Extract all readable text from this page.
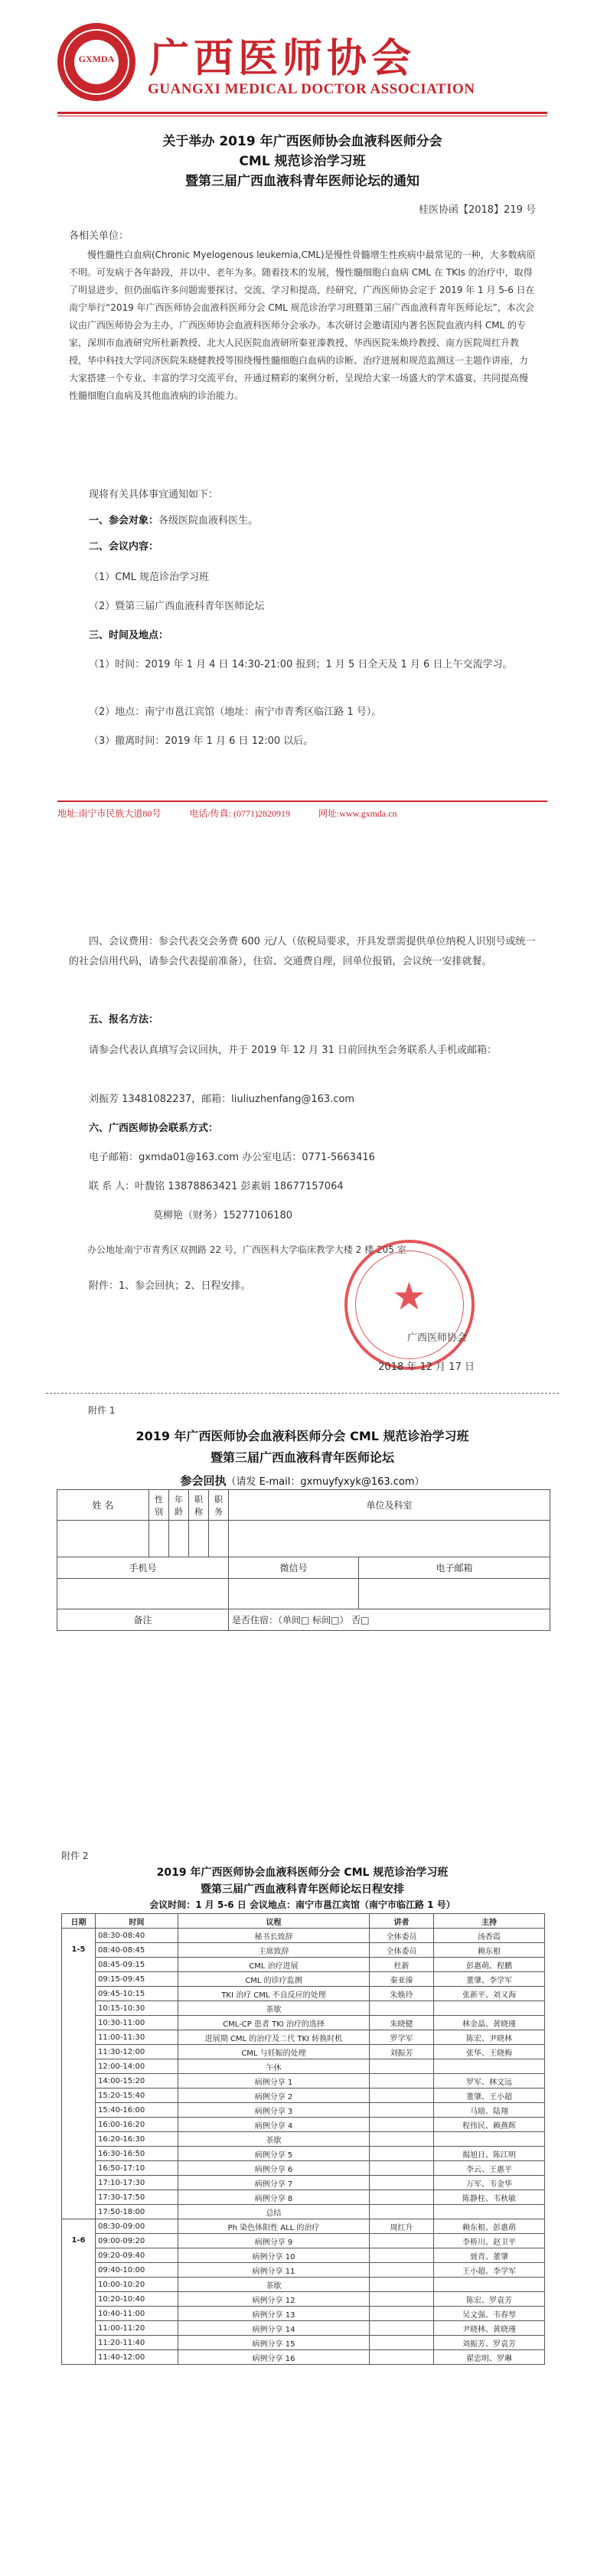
GXMDA 广西医师协会
GUANGXI MEDICAL DOCTOR ASSOCIATION
关于举办 2019 年广西医师协会血液科医师分会
CML 规范诊治学习班
暨第三届广西血液科青年医师论坛的通知
桂医协函【2018】219 号
各相关单位：
慢性髓性白血病(Chronic Myelogenous leukemia,CML)是慢性骨髓增生性疾病中最常见的一种，大多数病原不明。可发病于各年龄段，并以中、老年为多。随着技术的发展，慢性髓细胞白血病 CML 在 TKIs 的治疗中，取得了明显进步，但仍面临许多问题需要探讨、交流、学习和提高，经研究，广西医师协会定于 2019 年 1 月 5-6 日在南宁举行“2019 年广西医师协会血液科医师分会 CML 规范诊治学习班暨第三届广西血液科青年医师论坛”，本次会议由广西医师协会为主办，广西医师协会血液科医师分会承办。本次研讨会邀请国内著名医院血液内科 CML 的专家，深圳市血液研究所杜新教授、北大人民医院血液研所秦亚溱教授、华西医院朱焕玲教授、南方医院周红升教授，华中科技大学同济医院朱晓健教授等围绕慢性髓细胞白血病的诊断、治疗进展和规范监测这一主题作讲座，力大家搭建一个专业、丰富的学习交流平台，开通过精彩的案例分析，呈现给大家一场盛大的学术盛宴，共同提高慢性髓细胞白血病及其他血液病的诊治能力。
现将有关具体事宜通知如下：
一、参会对象：各级医院血液科医生。
二、会议内容：
（1）CML 规范诊治学习班
（2）暨第三届广西血液科青年医师论坛
三、时间及地点：
（1）时间：2019 年 1 月 4 日 14:30-21:00 报到；1 月 5 日全天及 1 月 6 日上午交流学习。
（2）地点：南宁市邕江宾馆（地址：南宁市青秀区临江路 1 号）。
（3）撤离时间：2019 年 1 月 6 日 12:00 以后。
地址:南宁市民族大道80号	电话/传真: (0771)2820919	网址:www.gxmda.cn
四、会议费用：参会代表交会务费 600 元/人（依税局要求，开具发票需提供单位纳税人识别号或统一的社会信用代码，请参会代表提前准备），住宿、交通费自理，回单位报销，会议统一安排就餐。
五、报名方法：
请参会代表认真填写会议回执，并于 2019 年 12 月 31 日前回执至会务联系人手机或邮箱：
刘振芳 13481082237，邮箱：liuliuzhenfang@163.com
六、广西医师协会联系方式：
电子邮箱：gxmda01@163.com 办公室电话：0771-5663416
联 系 人：叶馥铭 13878863421 彭素娟 18677157064
莫柳艳（财务）15277106180
办公地址南宁市青秀区双拥路 22 号，广西医科大学临床教学大楼 2 楼 205 室
附件：1、参会回执；2、日程安排。	★
广西医师协会
2018 年 12 月 17 日
附件 1
2019 年广西医师协会血液科医师分会 CML 规范诊治学习班
暨第三届广西血液科青年医师论坛
参会回执（请发 E-mail：gxmuyfyxyk@163.com）
姓 名	性别	年龄	职称	职务	单位及科室	

手机号					微信号	电子邮箱

备注					是否住宿：（单间□ 标间□） 否□	
附件 2
2019 年广西医师协会血液科医师分会 CML 规范诊治学习班
暨第三届广西血液科青年医师论坛日程安排
会议时间：1 月 5-6 日 会议地点：南宁市邕江宾馆（南宁市临江路 1 号）
日期	时间	议程	讲者	主持
1-5	08:30-08:40	秘书长致辞	全体委员	汤香霞
	08:40-08:45	主席致辞	全体委员	赖东根
	08:45-09:15	CML 治疗进展	杜新	彭惠萌、程鹏
	09:15-09:45	CML 的诊疗监测	秦亚溱	董肇、李学军
	09:45-10:15	TKI 治疗 CML 不良反应的处理	朱焕玲	张新平、刘又海
	10:15-10:30	茶歇		
	10:30-11:00	CML-CP 患者 TKI 治疗的选择	朱晓健	林金晶、黄晓瑾
	11:00-11:30	进展期 CML 的治疗及二代 TKI 转换时机	罗学军	陈宏、尹晓林
	11:30-12:00	CML 与妊娠的处理	刘振芳	张华、王晓梅
	12:00-14:00	午休		
	14:00-15:20	病例分享 1		罗军、林文远
	15:20-15:40	病例分享 2		董肇、王小超
	15:40-16:00	病例分享 3		马励、陆翔
	16:00-16:20	病例分享 4		程伟民、赖燕辉
	16:20-16:30	茶歇		
	16:30-16:50	病例分享 5		揭旭日、陈江明
	16:50-17:10	病例分享 6		李云、王惠平
	17:10-17:30	病例分享 7		万军、韦金华
	17:30-17:50	病例分享 8		陈静柱、韦秋敏
	17:50-18:00	总结		
1-6	08:30-09:00	Ph 染色体阳性 ALL 的治疗	周红升	赖东根、彭惠萌
	09:00-09:20	病例分享 9		李桥川、赵卫平
	09:20-09:40	病例分享 10		聂青、董肇
	09:40-10:00	病例分享 11		王小超、李学军
	10:00-10:20	茶歇		
	10:20-10:40	病例分享 12		陈宏、罗袁芳
	10:40-11:00	病例分享 13		吴文强、韦春琴
	11:00-11:20	病例分享 14		尹晓林、黄晓瑾
	11:20-11:40	病例分享 15		刘振芳、罗袁芳
	11:40-12:00	病例分享 16		翟忠明、罗琳
